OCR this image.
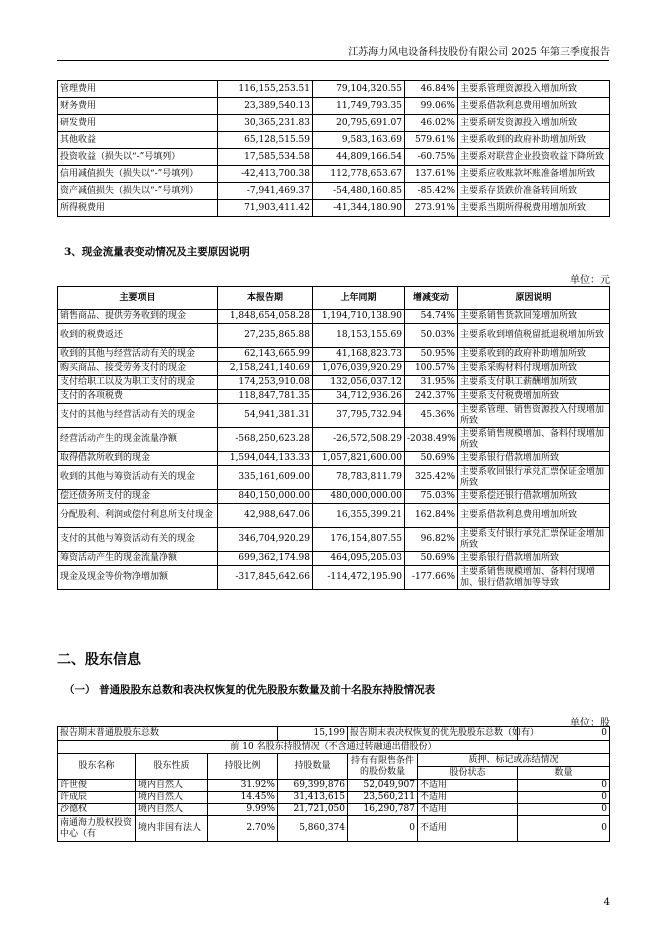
江苏海力风电设备科技股份有限公司 2025 年第三季度报告
管理费用	116,155,253.51	79,104,320.55	46.84%	主要系管理资源投入增加所致
财务费用	23,389,540.13	11,749,793.35	99.06%	主要系借款利息费用增加所致
研发费用	30,365,231.83	20,795,691.07	46.02%	主要系研发资源投入增加所致
其他收益	65,128,515.59	9,583,163.69	579.61%	主要系收到的政府补助增加所致
投资收益（损失以“-”号填列）	17,585,534.58	44,809,166.54	-60.75%	主要系对联营企业投资收益下降所致
信用减值损失（损失以“-”号填列）	-42,413,700.38	112,778,653.67	137.61%	主要系应收账款坏账准备增加所致
资产减值损失（损失以“-”号填列）	-7,941,469.37	-54,480,160.85	-85.42%	主要系存货跌价准备转回所致
所得税费用	71,903,411.42	-41,344,180.90	273.91%	主要系当期所得税费用增加所致
3、现金流量表变动情况及主要原因说明
单位：元
主要项目	本报告期	上年同期	增减变动	原因说明
销售商品、提供劳务收到的现金	1,848,654,058.28	1,194,710,138.90	54.74%	主要系销售货款回笼增加所致
收到的税费返还	27,235,865.88	18,153,155.69	50.03%	主要系收到增值税留抵退税增加所致
收到的其他与经营活动有关的现金	62,143,665.99	41,168,823.73	50.95%	主要系收到的政府补助增加所致
购买商品、接受劳务支付的现金	2,158,241,140.69	1,076,039,920.29	100.57%	主要系采购材料付现增加所致
支付给职工以及为职工支付的现金	174,253,910.08	132,056,037.12	31.95%	主要系支付职工薪酬增加所致
支付的各项税费	118,847,781.35	34,712,936.26	242.37%	主要系支付税费增加所致
支付的其他与经营活动有关的现金	54,941,381.31	37,795,732.94	45.36%	主要系管理、销售资源投入付现增加所致
经营活动产生的现金流量净额	-568,250,623.28	-26,572,508.29	-2038.49%	主要系销售规模增加、备料付现增加所致
取得借款所收到的现金	1,594,044,133.33	1,057,821,600.00	50.69%	主要系银行借款增加所致
收到的其他与筹资活动有关的现金	335,161,609.00	78,783,811.79	325.42%	主要系收回银行承兑汇票保证金增加所致
偿还债务所支付的现金	840,150,000.00	480,000,000.00	75.03%	主要系偿还银行借款增加所致
分配股利、利润或偿付利息所支付现金	42,988,647.06	16,355,399.21	162.84%	主要系借款利息费用增加所致
支付的其他与筹资活动有关的现金	346,704,920.29	176,154,807.55	96.82%	主要系支付银行承兑汇票保证金增加所致
筹资活动产生的现金流量净额	699,362,174.98	464,095,205.03	50.69%	主要系银行借款增加所致
现金及现金等价物净增加额	-317,845,642.66	-114,472,195.90	-177.66%	主要系销售规模增加、备料付现增加、银行借款增加等导致
二、股东信息
（一） 普通股股东总数和表决权恢复的优先股股东数量及前十名股东持股情况表
单位：股
报告期末普通股股东总数			15,199	报告期末表决权恢复的优先股股东总数（如有）		0
前 10 名股东持股情况（不含通过转融通出借股份）						
股东名称	股东性质	持股比例	持股数量	持有有限售条件的股份数量	质押、标记或冻结情况	
					股份状态	数量
许世俊	境内自然人	31.92%	69,399,876	52,049,907	不适用	0
许成辰	境内自然人	14.45%	31,413,615	23,560,211	不适用	0
沙德权	境内自然人	9.99%	21,721,050	16,290,787	不适用	0
南通海力股权投资中心（有	境内非国有法人	2.70%	5,860,374	0	不适用	0
4
